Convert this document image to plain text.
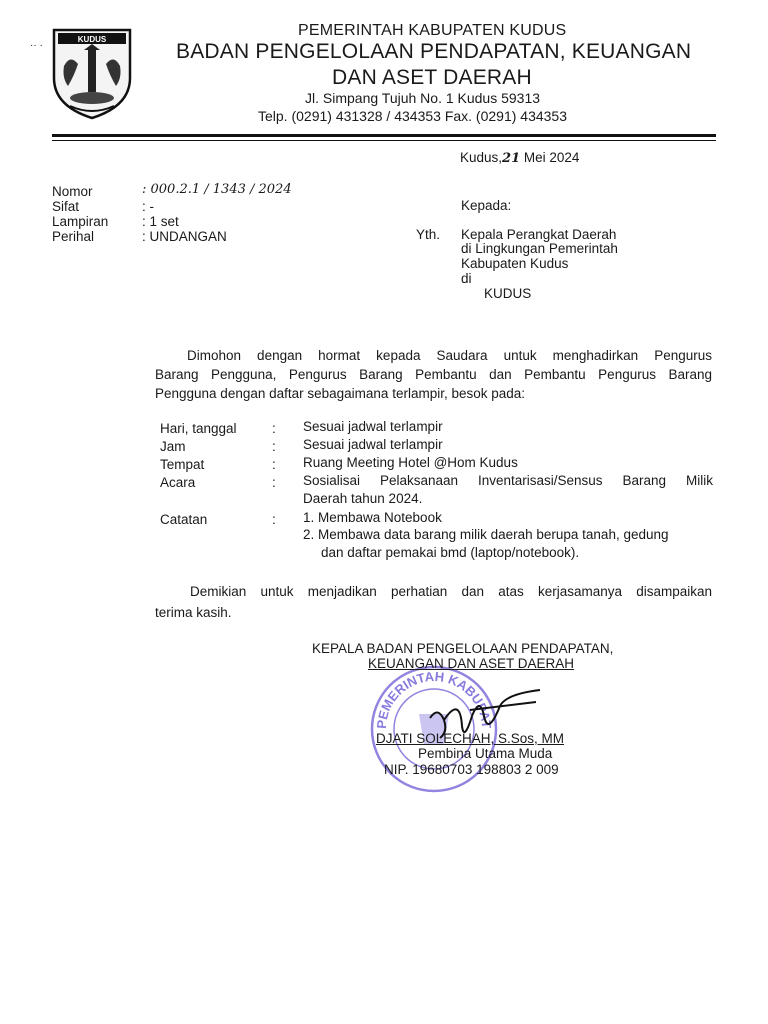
KUDUS
·· ·
PEMERINTAH KABUPATEN KUDUS
BADAN PENGELOLAAN PENDAPATAN, KEUANGAN
DAN ASET DAERAH
Jl. Simpang Tujuh No. 1 Kudus 59313
Telp. (0291) 431328 / 434353 Fax. (0291) 434353
Kudus,21 Mei 2024
Nomor	: 000.2.1 / 1343 / 2024
Sifat	: -
Lampiran : 1 set
Perihal	: UNDANGAN
Kepada:
Yth. Kepala Perangkat Daerah
di Lingkungan Pemerintah
Kabupaten Kudus
di
KUDUS
Dimohon dengan hormat kepada Saudara untuk menghadirkan Pengurus
Barang Pengguna, Pengurus Barang Pembantu dan Pembantu Pengurus Barang
Pengguna dengan daftar sebagaimana terlampir, besok pada:
Hari, tanggal	: Sesuai jadwal terlampir
Jam	: Sesuai jadwal terlampir
Tempat	: Ruang Meeting Hotel @Hom Kudus
Acara	: Sosialisai Pelaksanaan Inventarisasi/Sensus Barang Milik
Daerah tahun 2024.
Catatan	: 1. Membawa Notebook
2. Membawa data barang milik daerah berupa tanah, gedung
dan daftar pemakai bmd (laptop/notebook).
Demikian untuk menjadikan perhatian dan atas kerjasamanya disampaikan
terima kasih.
PEMERINTAH KABUPAT
KEPALA BADAN PENGELOLAAN PENDAPATAN,
KEUANGAN DAN ASET DAERAH
DJATI SOLECHAH, S.Sos, MM
Pembina Utama Muda
NIP. 19680703 198803 2 009
